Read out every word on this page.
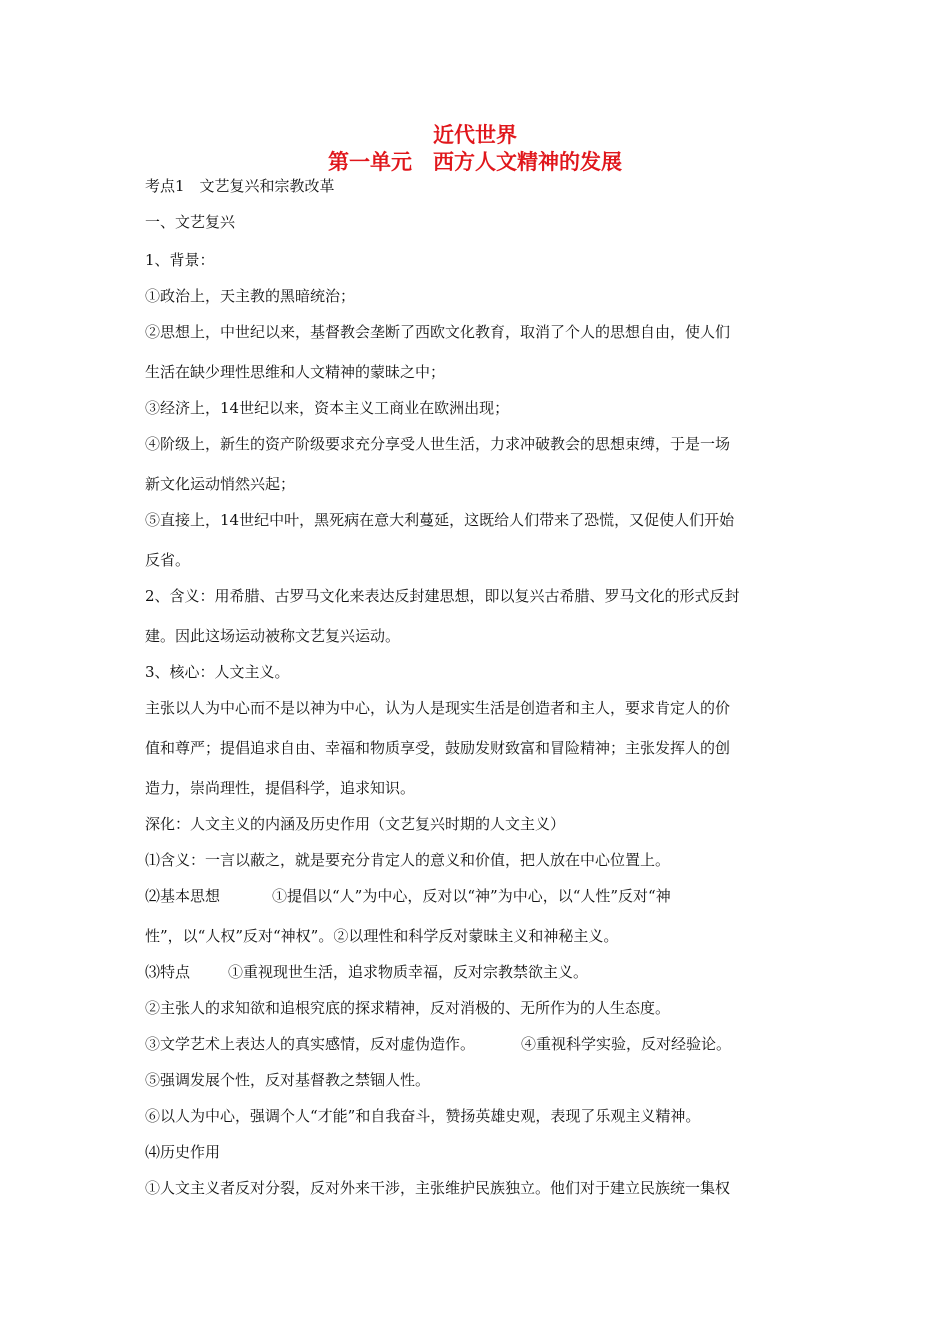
近代世界
第一单元　西方人文精神的发展

考点1　文艺复兴和宗教改革

一、文艺复兴

1、背景：

①政治上，天主教的黑暗统治；

②思想上，中世纪以来，基督教会垄断了西欧文化教育，取消了个人的思想自由，使人们

生活在缺少理性思维和人文精神的蒙昧之中；

③经济上，14世纪以来，资本主义工商业在欧洲出现；

④阶级上，新生的资产阶级要求充分享受人世生活，力求冲破教会的思想束缚，于是一场

新文化运动悄然兴起；

⑤直接上，14世纪中叶，黑死病在意大利蔓延，这既给人们带来了恐慌，又促使人们开始

反省。

2、含义：用希腊、古罗马文化来表达反封建思想，即以复兴古希腊、罗马文化的形式反封

建。因此这场运动被称文艺复兴运动。

3、核心：人文主义。

主张以人为中心而不是以神为中心，认为人是现实生活是创造者和主人，要求肯定人的价

值和尊严；提倡追求自由、幸福和物质享受，鼓励发财致富和冒险精神；主张发挥人的创

造力，崇尚理性，提倡科学，追求知识。

深化：人文主义的内涵及历史作用（文艺复兴时期的人文主义）

⑴含义：一言以蔽之，就是要充分肯定人的意义和价值，把人放在中心位置上。

⑵基本思想	①提倡以“人”为中心，反对以“神”为中心，以“人性”反对“神

性”，以“人权”反对“神权”。②以理性和科学反对蒙昧主义和神秘主义。

⑶特点	①重视现世生活，追求物质幸福，反对宗教禁欲主义。

②主张人的求知欲和追根究底的探求精神，反对消极的、无所作为的人生态度。

③文学艺术上表达人的真实感情，反对虚伪造作。	④重视科学实验，反对经验论。

⑤强调发展个性，反对基督教之禁锢人性。

⑥以人为中心，强调个人“才能”和自我奋斗，赞扬英雄史观，表现了乐观主义精神。

⑷历史作用

①人文主义者反对分裂，反对外来干涉，主张维护民族独立。他们对于建立民族统一集权
